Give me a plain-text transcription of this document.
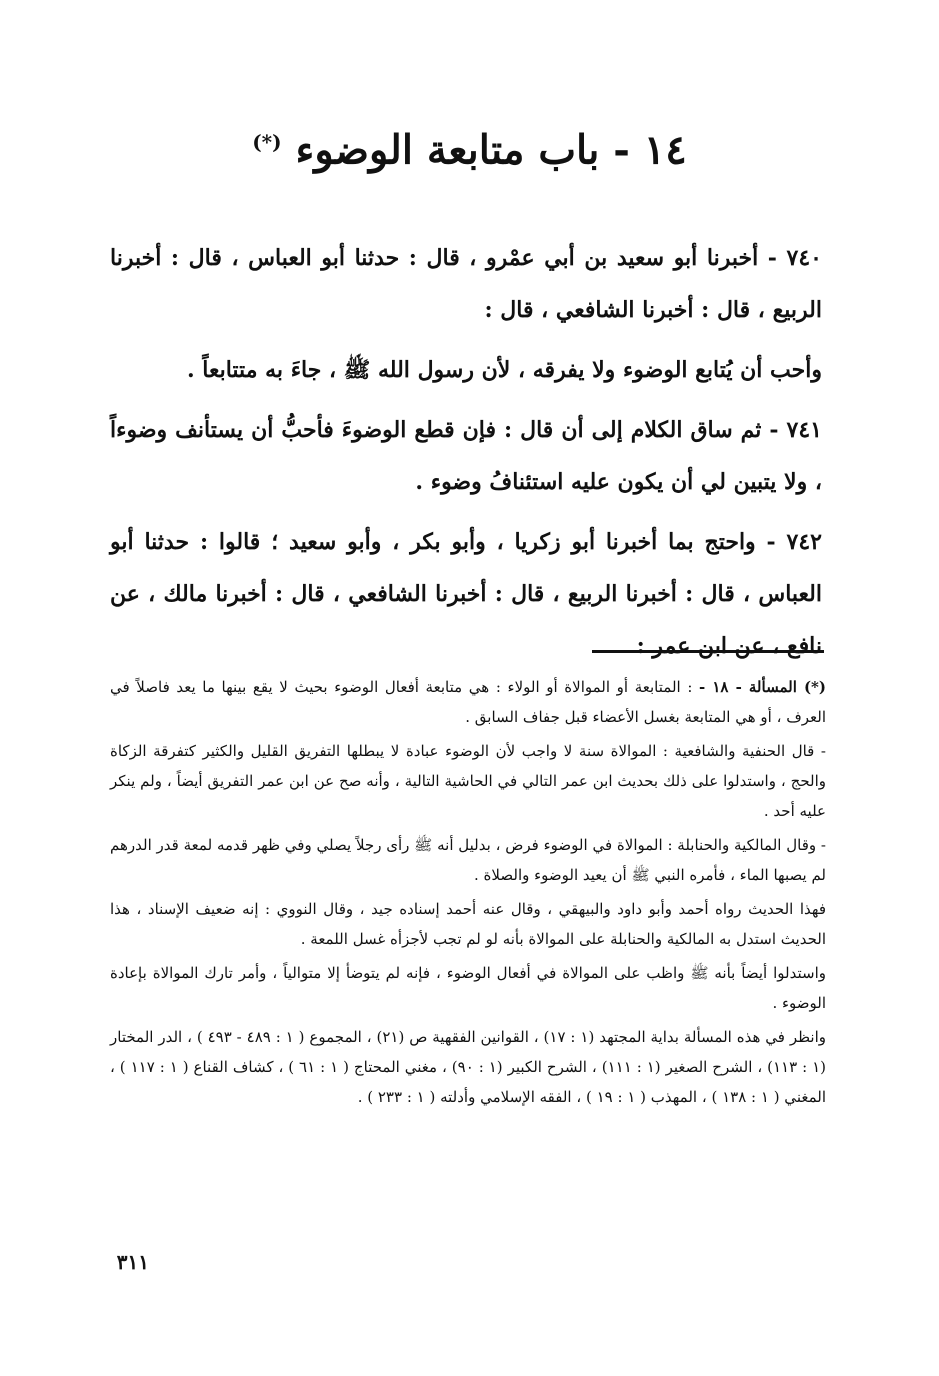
١٤ - باب متابعة الوضوء (*)

٧٤٠ - أخبرنا أبو سعيد بن أبي عمْرو ، قال : حدثنا أبو العباس ، قال : أخبرنا الربيع ، قال : أخبرنا الشافعي ، قال :

وأحب أن يُتابع الوضوء ولا يفرقه ، لأن رسول الله ﷺ ، جاءَ به متتابعاً .

٧٤١ - ثم ساق الكلام إلى أن قال : فإن قطع الوضوءَ فأحبُّ أن يستأنف وضوءاً ، ولا يتبين لي أن يكون عليه استئنافُ وضوء .

٧٤٢ - واحتج بما أخبرنا أبو زكريا ، وأبو بكر ، وأبو سعيد ؛ قالوا : حدثنا أبو العباس ، قال : أخبرنا الربيع ، قال : أخبرنا الشافعي ، قال : أخبرنا مالك ، عن نافع ، عن ابن عمر :

(*) المسألة - ١٨ - : المتابعة أو الموالاة أو الولاء : هي متابعة أفعال الوضوء بحيث لا يقع بينها ما يعد فاصلاً في العرف ، أو هي المتابعة بغسل الأعضاء قبل جفاف السابق .

- قال الحنفية والشافعية : الموالاة سنة لا واجب لأن الوضوء عبادة لا يبطلها التفريق القليل والكثير كتفرقة الزكاة والحج ، واستدلوا على ذلك بحديث ابن عمر التالي في الحاشية التالية ، وأنه صح عن ابن عمر التفريق أيضاً ، ولم ينكر عليه أحد .

- وقال المالكية والحنابلة : الموالاة في الوضوء فرض ، بدليل أنه ﷺ رأى رجلاً يصلي وفي ظهر قدمه لمعة قدر الدرهم لم يصبها الماء ، فأمره النبي ﷺ أن يعيد الوضوء والصلاة .

فهذا الحديث رواه أحمد وأبو داود والبيهقي ، وقال عنه أحمد إسناده جيد ، وقال النووي : إنه ضعيف الإسناد ، هذا الحديث استدل به المالكية والحنابلة على الموالاة بأنه لو لم تجب لأجزأه غسل اللمعة .

واستدلوا أيضاً بأنه ﷺ واظب على الموالاة في أفعال الوضوء ، فإنه لم يتوضأ إلا متوالياً ، وأمر تارك الموالاة بإعادة الوضوء .

وانظر في هذه المسألة بداية المجتهد (١ : ١٧) ، القوانين الفقهية ص (٢١) ، المجموع ( ١ : ٤٨٩ - ٤٩٣ ) ، الدر المختار (١ : ١١٣) ، الشرح الصغير (١ : ١١١) ، الشرح الكبير (١ : ٩٠) ، مغني المحتاج ( ١ : ٦١ ) ، كشاف القناع ( ١ : ١١٧ ) ، المغني ( ١ : ١٣٨ ) ، المهذب ( ١ : ١٩ ) ، الفقه الإسلامي وأدلته ( ١ : ٢٣٣ ) .

٣١١
